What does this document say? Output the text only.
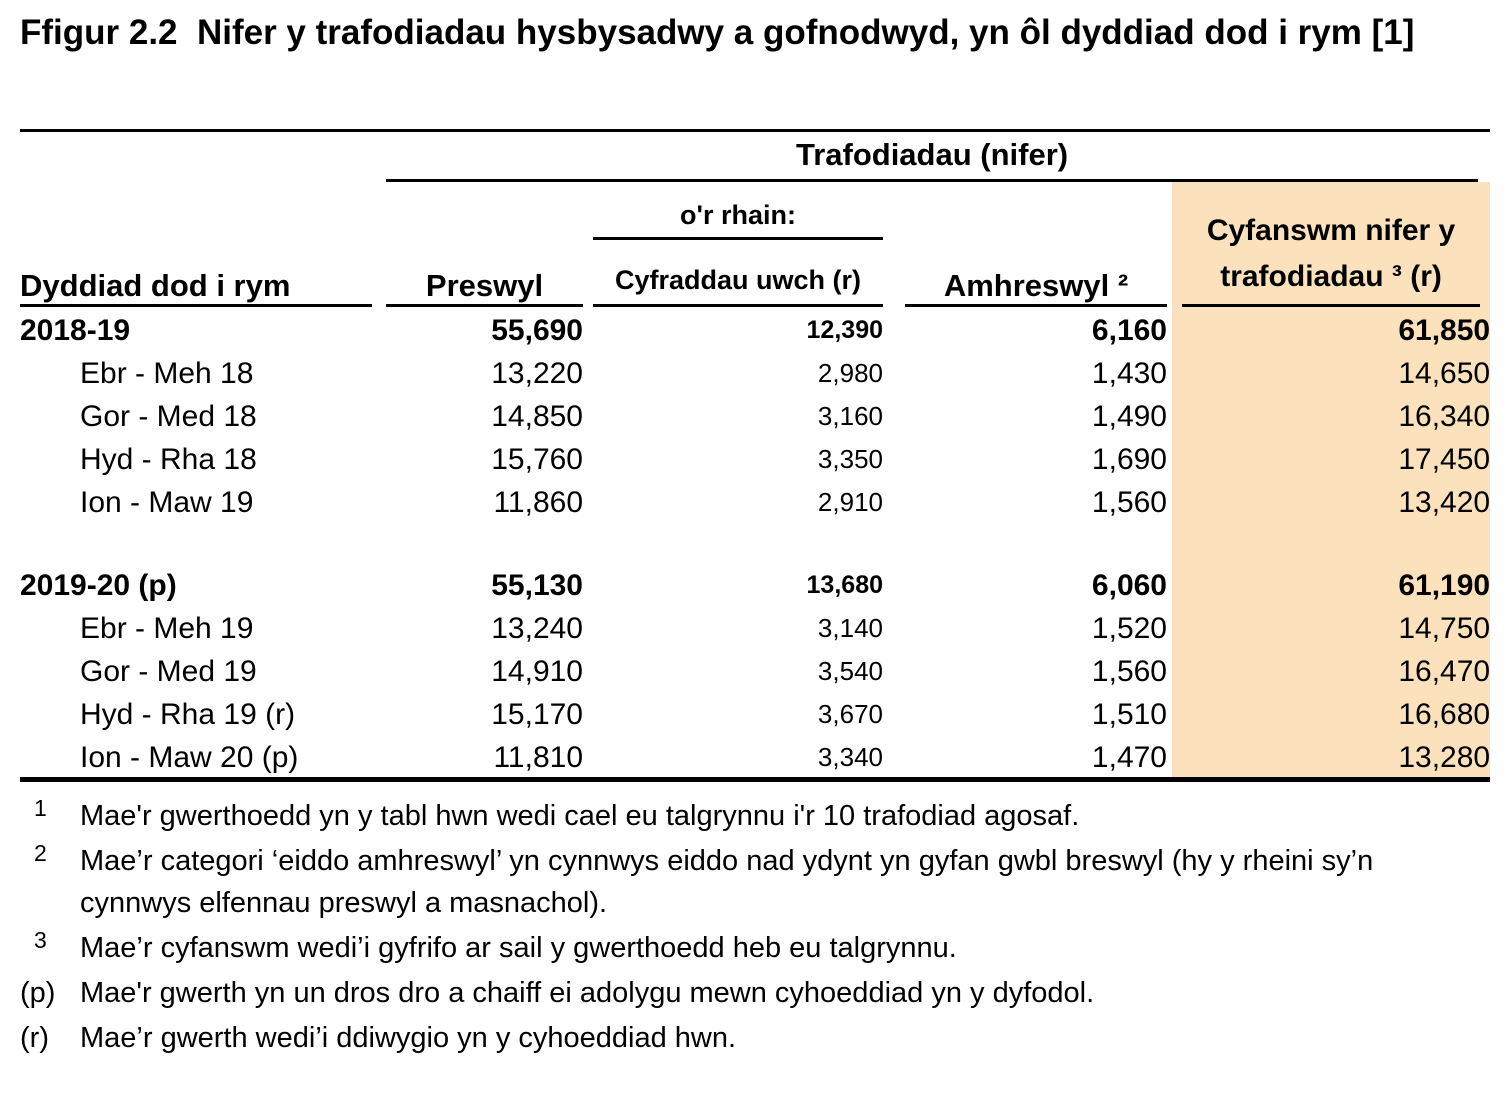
Ffigur 2.2  Nifer y trafodiadau hysbysadwy a gofnodwyd, yn ôl dyddiad dod i rym [1]

		Trafodiadau (nifer)						

				o'r rhain:				Cyfanswm nifer y trafodiadau ³ (r)

Dyddiad dod i rym		Preswyl		Cyfraddau uwch (r)		Amhreswyl ²		
2018-19		55,690		12,390		6,160		61,850
Ebr - Meh 18		13,220		2,980		1,430		14,650
Gor - Med 18		14,850		3,160		1,490		16,340
Hyd - Rha 18		15,760		3,350		1,690		17,450
Ion - Maw 19		11,860		2,910		1,560		13,420

2019-20 (p)		55,130		13,680		6,060		61,190
Ebr - Meh 19		13,240		3,140		1,520		14,750
Gor - Med 19		14,910		3,540		1,560		16,470
Hyd - Rha 19 (r)		15,170		3,670		1,510		16,680
Ion - Maw 20 (p)		11,810		3,340		1,470		13,280
1	Mae'r gwerthoedd yn y tabl hwn wedi cael eu talgrynnu i'r 10 trafodiad agosaf.
2	Mae’r categori ‘eiddo amhreswyl’ yn cynnwys eiddo nad ydynt yn gyfan gwbl breswyl (hy y rheini sy’n cynnwys elfennau preswyl a masnachol).
3	Mae’r cyfanswm wedi’i gyfrifo ar sail y gwerthoedd heb eu talgrynnu.
(p) Mae'r gwerth yn un dros dro a chaiff ei adolygu mewn cyhoeddiad yn y dyfodol.
(r)	Mae’r gwerth wedi’i ddiwygio yn y cyhoeddiad hwn.
